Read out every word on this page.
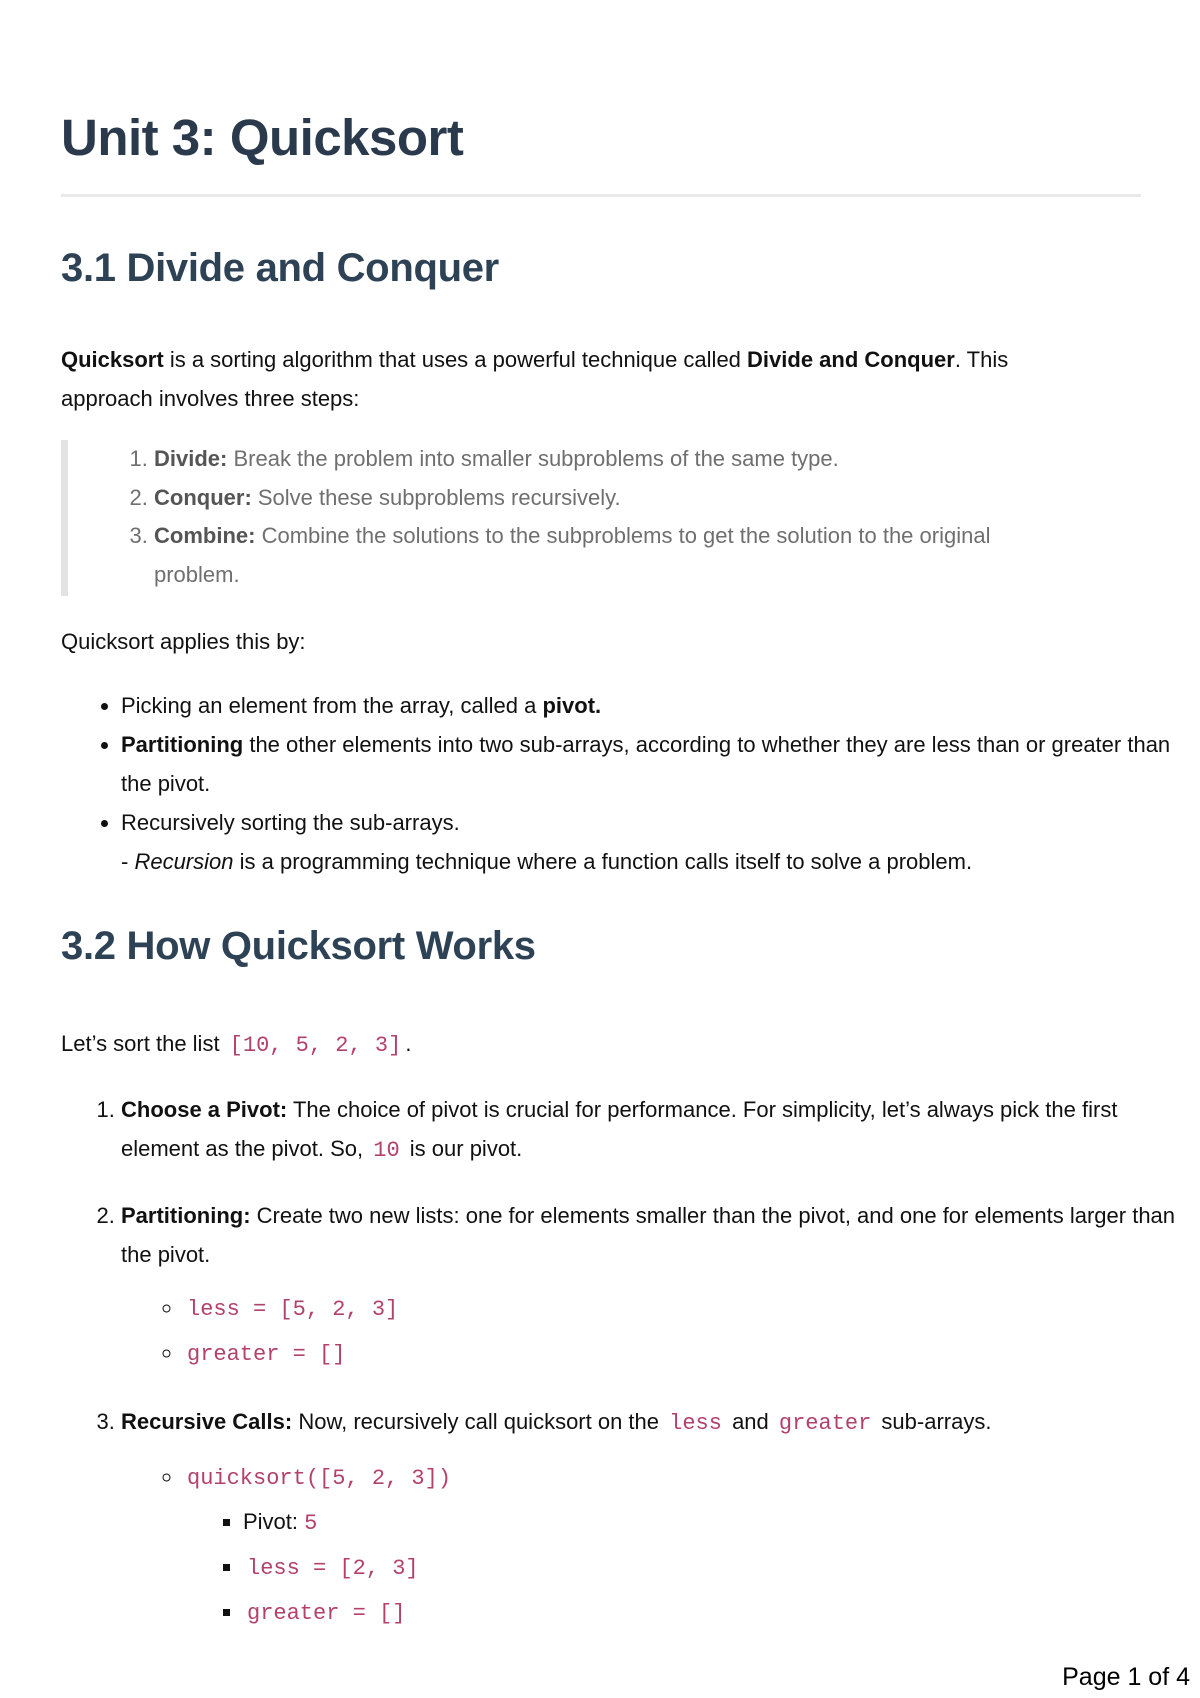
Unit 3: Quicksort
3.1 Divide and Conquer

Quicksort is a sorting algorithm that uses a powerful technique called Divide and Conquer. This approach involves three steps:

1. Divide: Break the problem into smaller subproblems of the same type.
2. Conquer: Solve these subproblems recursively.
3. Combine: Combine the solutions to the subproblems to get the solution to the original problem.

Quicksort applies this by:

• Picking an element from the array, called a pivot.
• Partitioning the other elements into two sub-arrays, according to whether they are less than or greater than the pivot.
• Recursively sorting the sub-arrays.
- Recursion is a programming technique where a function calls itself to solve a problem.
3.2 How Quicksort Works

Let’s sort the list [10, 5, 2, 3] .

1. Choose a Pivot: The choice of pivot is crucial for performance. For simplicity, let’s always pick the first element as the pivot. So, 10 is our pivot.
2. Partitioning: Create two new lists: one for elements smaller than the pivot, and one for elements larger than the pivot.
◦ less = [5, 2, 3]
◦ greater = []
3. Recursive Calls: Now, recursively call quicksort on the less and greater sub-arrays.
◦ quicksort([5, 2, 3])
▪ Pivot: 5
▪ less = [2, 3]
▪ greater = []
Page 1 of 4
